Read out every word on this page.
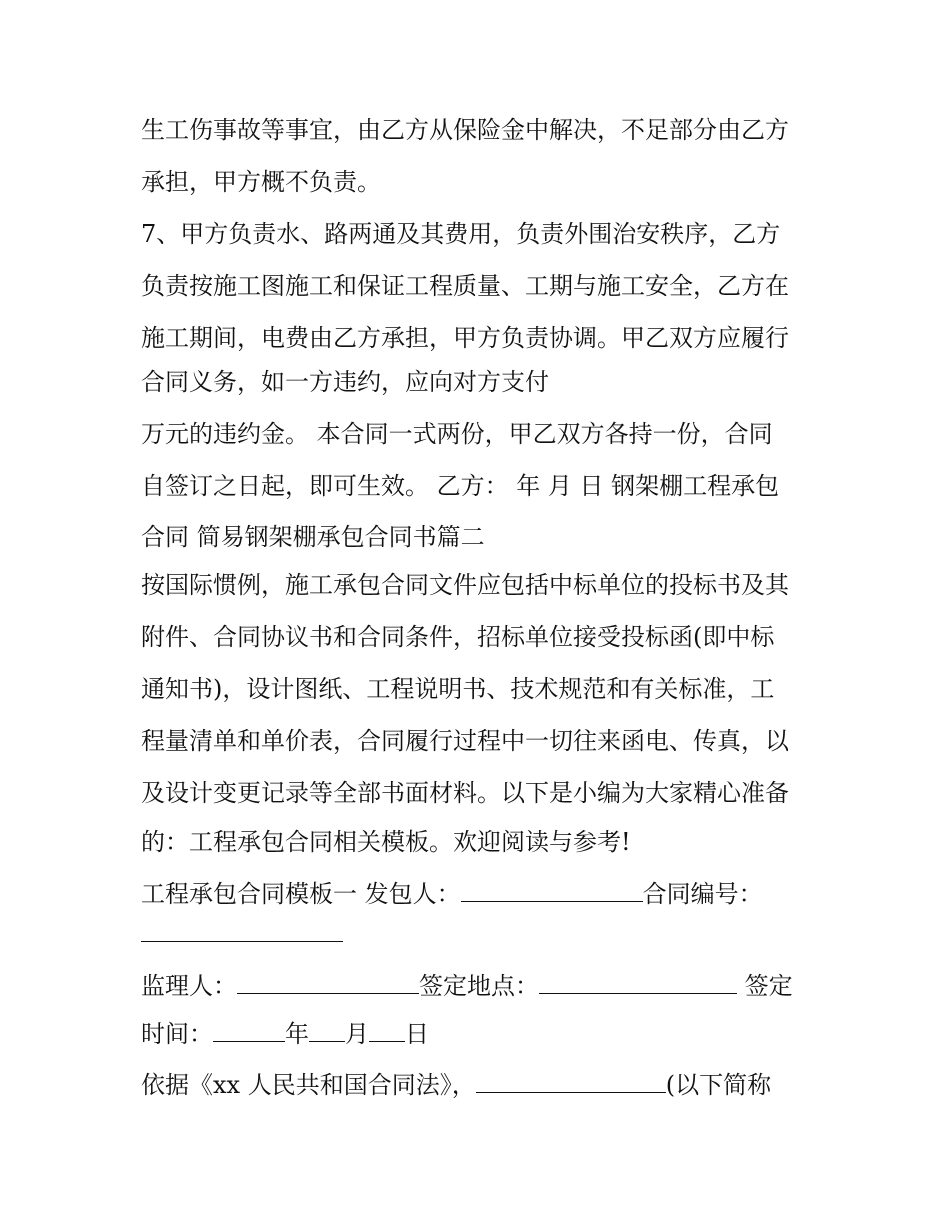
生工伤事故等事宜，由乙方从保险金中解决，不足部分由乙方
承担，甲方概不负责。
7、甲方负责水、路两通及其费用，负责外围治安秩序，乙方
负责按施工图施工和保证工程质量、工期与施工安全，乙方在
施工期间，电费由乙方承担，甲方负责协调。甲乙双方应履行
合同义务，如一方违约，应向对方支付
万元的违约金。 本合同一式两份，甲乙双方各持一份，合同
自签订之日起，即可生效。 乙方： 年 月 日 钢架棚工程承包
合同 简易钢架棚承包合同书篇二
按国际惯例，施工承包合同文件应包括中标单位的投标书及其
附件、合同协议书和合同条件，招标单位接受投标函(即中标
通知书)，设计图纸、工程说明书、技术规范和有关标准，工
程量清单和单价表，合同履行过程中一切往来函电、传真，以
及设计变更记录等全部书面材料。以下是小编为大家精心准备
的：工程承包合同相关模板。欢迎阅读与参考!
工程承包合同模板一 发包人：	合同编号：
监理人：	签定地点：	签定
时间：	年 月 日
依据《xx 人民共和国合同法》，	(以下简称
